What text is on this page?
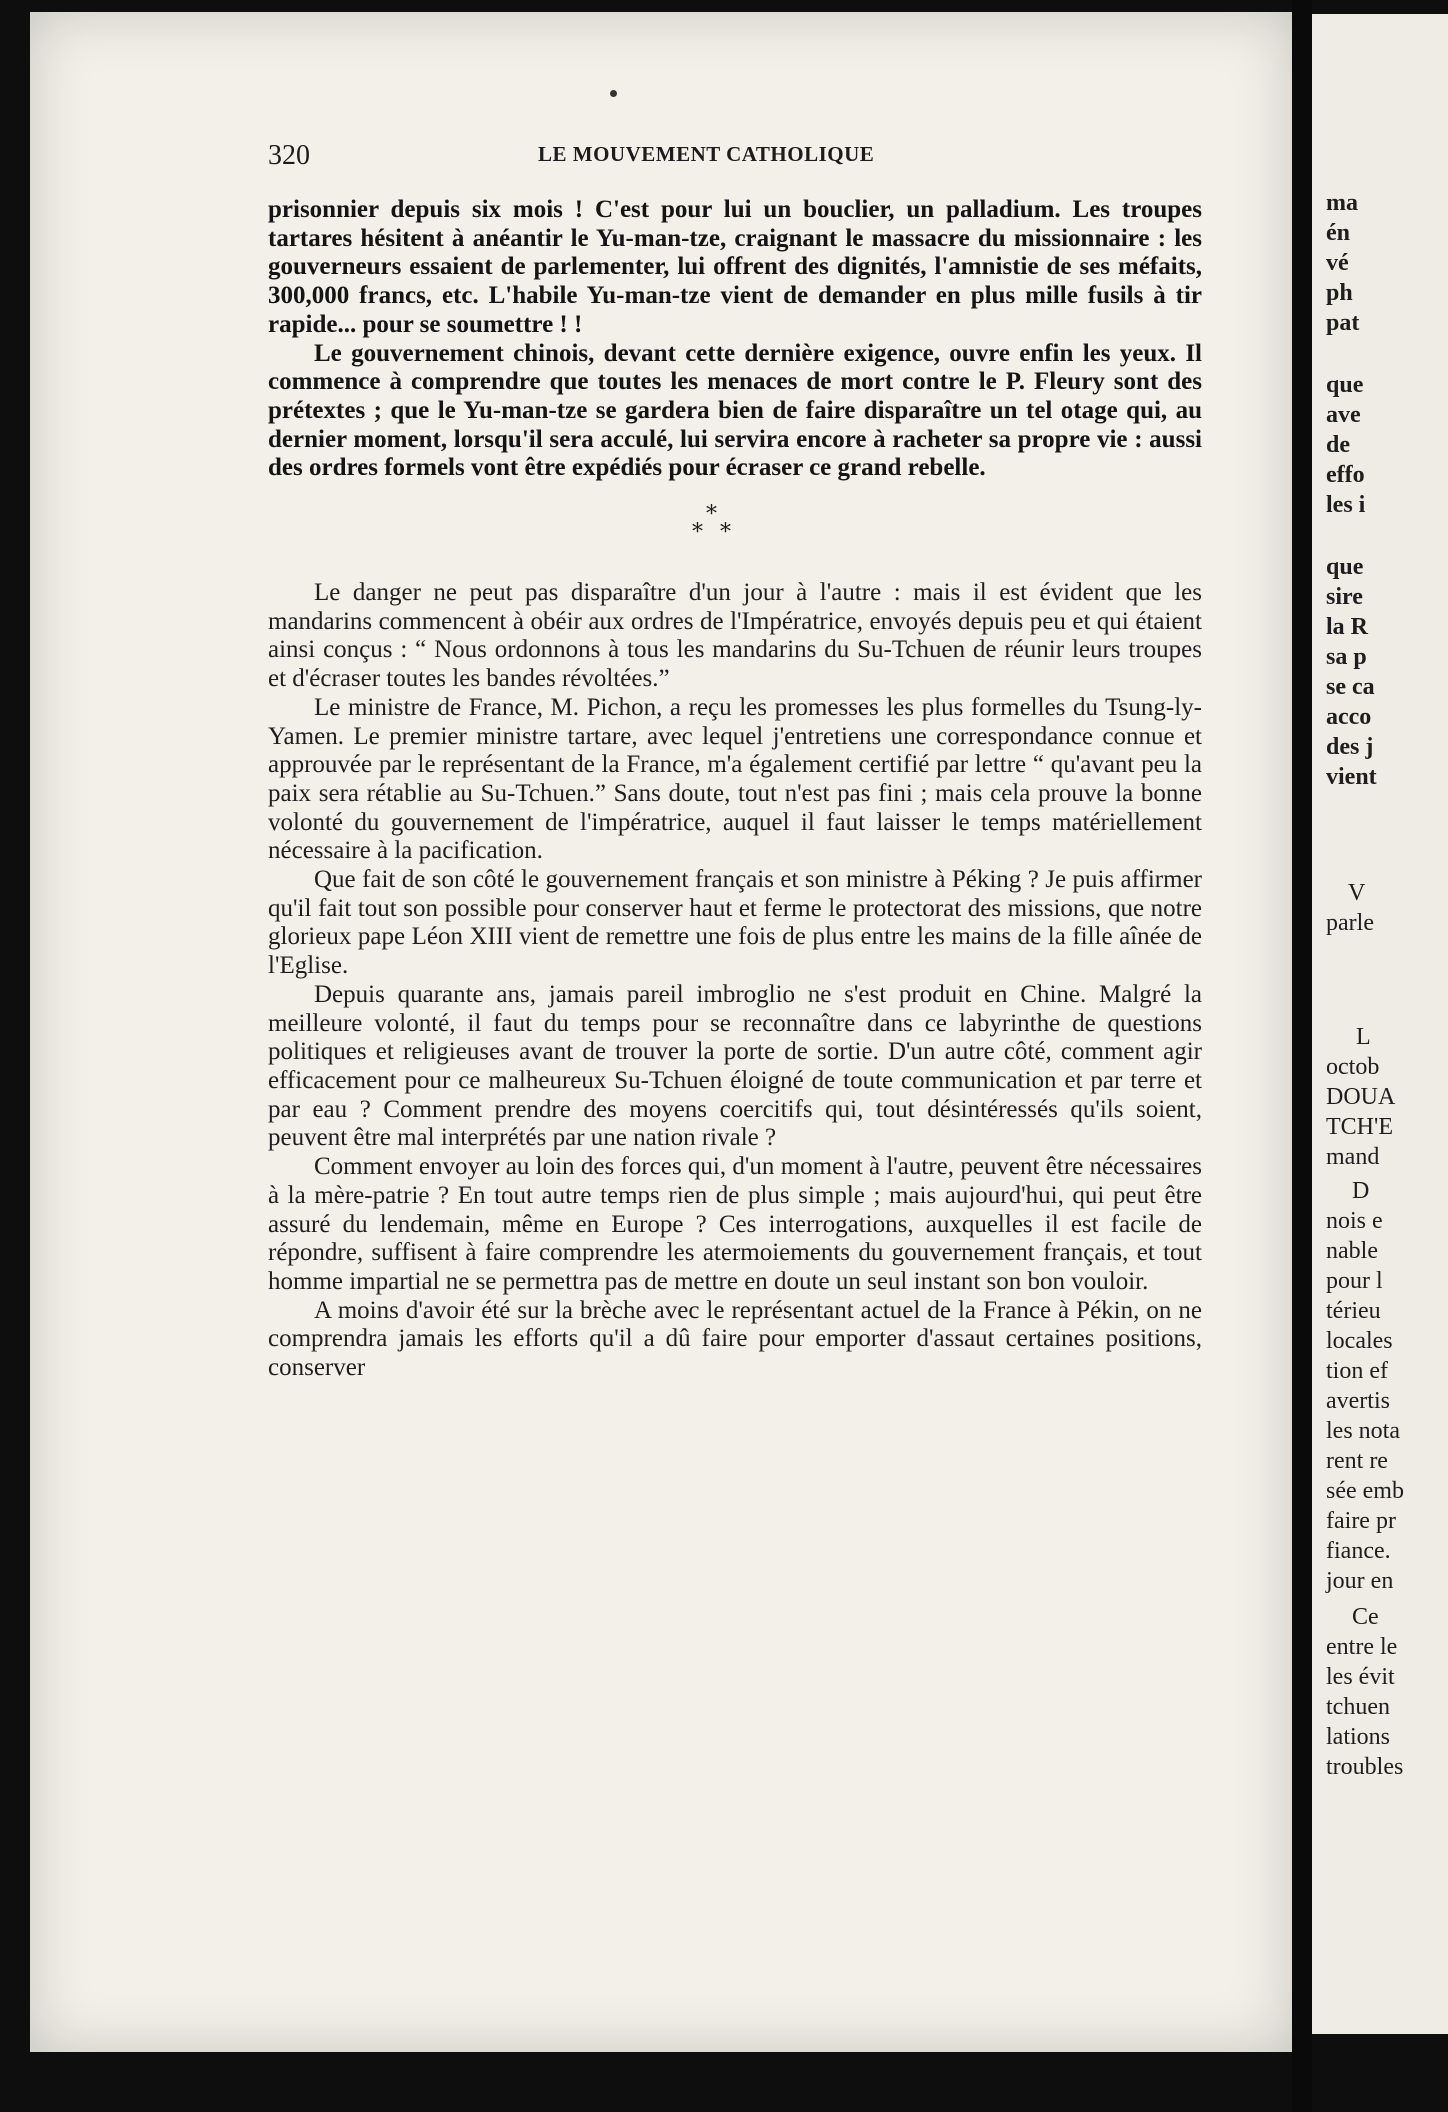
320	LE MOUVEMENT CATHOLIQUE

prisonnier depuis six mois ! C'est pour lui un bouclier, un palladium. Les troupes tartares hésitent à anéantir le Yu-man-tze, craignant le massacre du missionnaire : les gouverneurs essaient de parlementer, lui offrent des dignités, l'amnistie de ses méfaits, 300,000 francs, etc. L'habile Yu-man-tze vient de demander en plus mille fusils à tir rapide... pour se soumettre ! !

Le gouvernement chinois, devant cette dernière exigence, ouvre enfin les yeux. Il commence à comprendre que toutes les menaces de mort contre le P. Fleury sont des prétextes ; que le Yu-man-tze se gardera bien de faire disparaître un tel otage qui, au dernier moment, lorsqu'il sera acculé, lui servira encore à racheter sa propre vie : aussi des ordres formels vont être expédiés pour écraser ce grand rebelle.

*
* *

Le danger ne peut pas disparaître d'un jour à l'autre : mais il est évident que les mandarins commencent à obéir aux ordres de l'Impératrice, envoyés depuis peu et qui étaient ainsi conçus : “ Nous ordonnons à tous les mandarins du Su-Tchuen de réunir leurs troupes et d'écraser toutes les bandes révoltées.”

Le ministre de France, M. Pichon, a reçu les promesses les plus formelles du Tsung-ly-Yamen. Le premier ministre tartare, avec lequel j'entretiens une correspondance connue et approuvée par le représentant de la France, m'a également certifié par lettre “ qu'avant peu la paix sera rétablie au Su-Tchuen.” Sans doute, tout n'est pas fini ; mais cela prouve la bonne volonté du gouvernement de l'impératrice, auquel il faut laisser le temps matériellement nécessaire à la pacification.

Que fait de son côté le gouvernement français et son ministre à Péking ? Je puis affirmer qu'il fait tout son possible pour conserver haut et ferme le protectorat des missions, que notre glorieux pape Léon XIII vient de remettre une fois de plus entre les mains de la fille aînée de l'Eglise.

Depuis quarante ans, jamais pareil imbroglio ne s'est produit en Chine. Malgré la meilleure volonté, il faut du temps pour se reconnaître dans ce labyrinthe de questions politiques et religieuses avant de trouver la porte de sortie. D'un autre côté, comment agir efficacement pour ce malheureux Su-Tchuen éloigné de toute communication et par terre et par eau ? Comment prendre des moyens coercitifs qui, tout désintéressés qu'ils soient, peuvent être mal interprétés par une nation rivale ?

Comment envoyer au loin des forces qui, d'un moment à l'autre, peuvent être nécessaires à la mère-patrie ? En tout autre temps rien de plus simple ; mais aujourd'hui, qui peut être assuré du lendemain, même en Europe ? Ces interrogations, auxquelles il est facile de répondre, suffisent à faire comprendre les atermoiements du gouvernement français, et tout homme impartial ne se permettra pas de mettre en doute un seul instant son bon vouloir.

A moins d'avoir été sur la brèche avec le représentant actuel de la France à Pékin, on ne comprendra jamais les efforts qu'il a dû faire pour emporter d'assaut certaines positions, conserver

ma
én
vé
ph
pat
que
ave
de
effo
les i
que
sire
la R
sa p
se ca
acco
des j
vient
V
parle
L
octob
DOUA
TCH'E
mand
D
nois e
nable
pour l
térieu
locales
tion ef
avertis
les nota
rent re
sée emb
faire pr
fiance.
jour en
Ce
entre le
les évit
tchuen
lations
troubles
